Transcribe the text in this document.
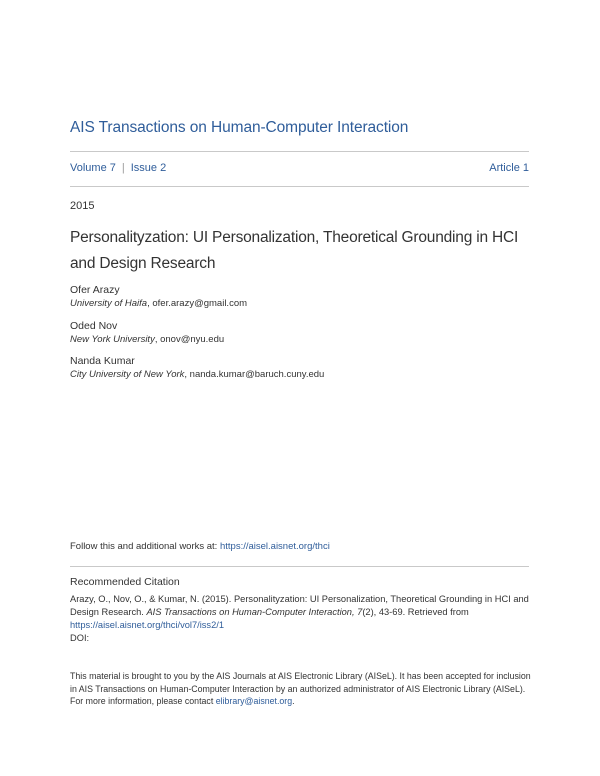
AIS Transactions on Human-Computer Interaction
Volume 7 | Issue 2	Article 1
2015
Personalityzation: UI Personalization, Theoretical Grounding in HCI and Design Research
Ofer Arazy
University of Haifa, ofer.arazy@gmail.com
Oded Nov
New York University, onov@nyu.edu
Nanda Kumar
City University of New York, nanda.kumar@baruch.cuny.edu
Follow this and additional works at: https://aisel.aisnet.org/thci
Recommended Citation
Arazy, O., Nov, O., & Kumar, N. (2015). Personalityzation: UI Personalization, Theoretical Grounding in HCI and Design Research. AIS Transactions on Human-Computer Interaction, 7(2), 43-69. Retrieved from
https://aisel.aisnet.org/thci/vol7/iss2/1
DOI:
This material is brought to you by the AIS Journals at AIS Electronic Library (AISeL). It has been accepted for inclusion in AIS Transactions on Human-Computer Interaction by an authorized administrator of AIS Electronic Library (AISeL). For more information, please contact elibrary@aisnet.org.
